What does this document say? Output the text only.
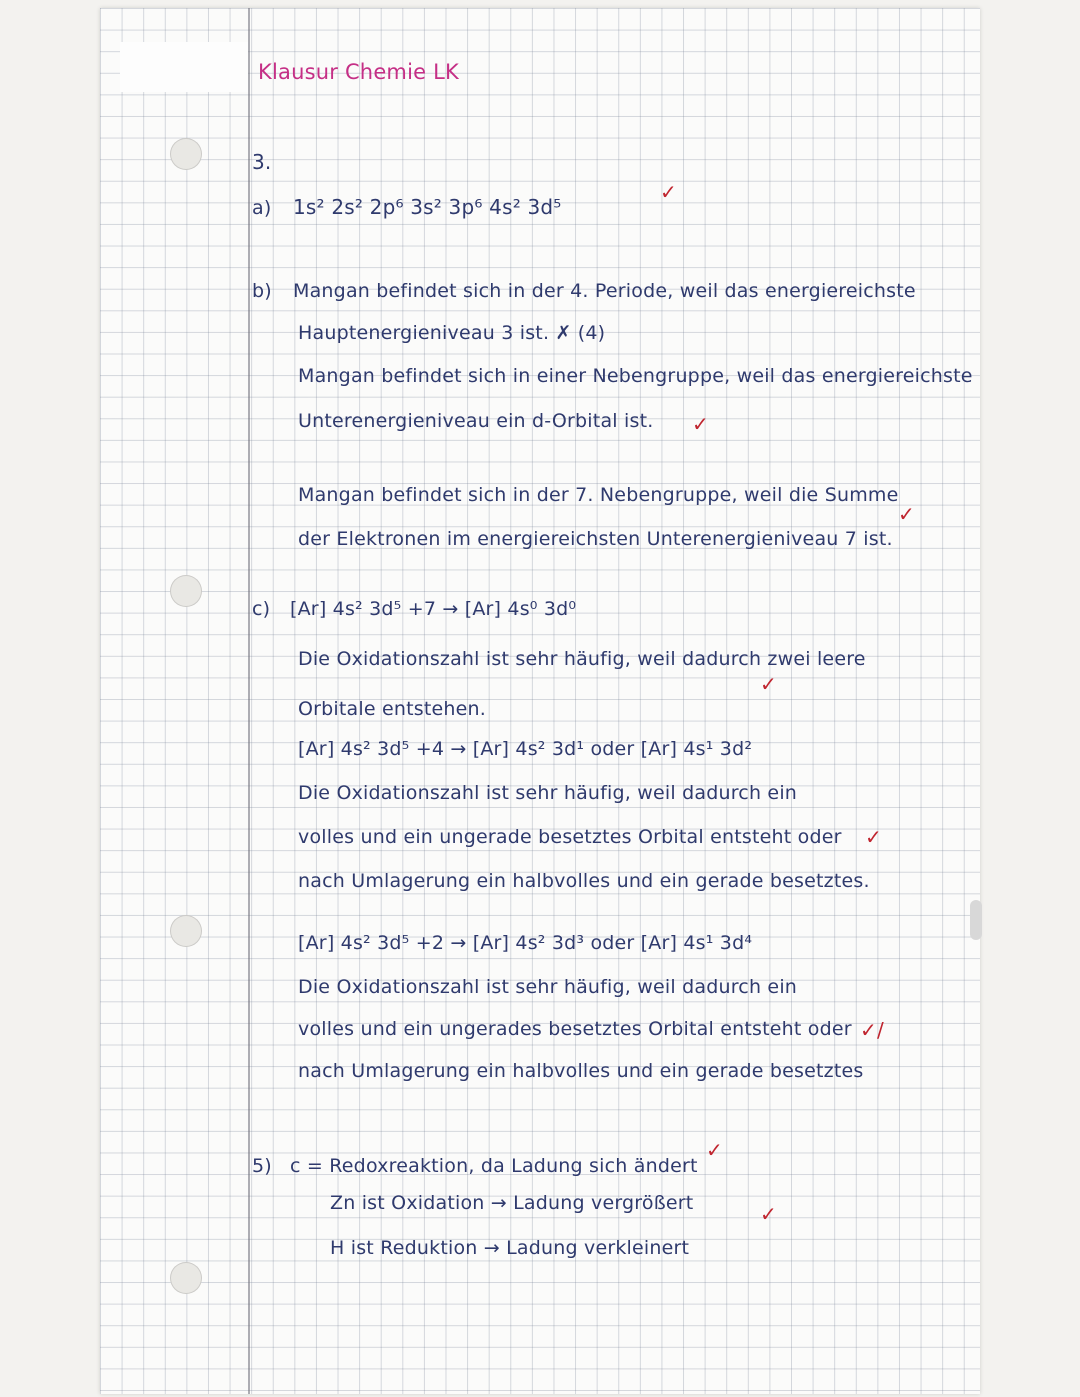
Klausur Chemie LK
3.
a) 1s² 2s² 2p⁶ 3s² 3p⁶ 4s² 3d⁵
✓
b) Mangan befindet sich in der 4. Periode, weil das energiereichste
Hauptenergieniveau 3 ist. ✗ (4)
Mangan befindet sich in einer Nebengruppe, weil das energiereichste
Unterenergieniveau ein d-Orbital ist. ✓
Mangan befindet sich in der 7. Nebengruppe, weil die Summe
der Elektronen im energiereichsten Unterenergieniveau 7 ist.
✓
c) [Ar] 4s² 3d⁵ +7 → [Ar] 4s⁰ 3d⁰
Die Oxidationszahl ist sehr häufig, weil dadurch zwei leere
✓
Orbitale entstehen.
[Ar] 4s² 3d⁵ +4 → [Ar] 4s² 3d¹ oder [Ar] 4s¹ 3d²
Die Oxidationszahl ist sehr häufig, weil dadurch ein
volles und ein ungerade besetztes Orbital entsteht oder ✓
nach Umlagerung ein halbvolles und ein gerade besetztes.
[Ar] 4s² 3d⁵ +2 → [Ar] 4s² 3d³ oder [Ar] 4s¹ 3d⁴
Die Oxidationszahl ist sehr häufig, weil dadurch ein
volles und ein ungerades besetztes Orbital entsteht oder ✓/
nach Umlagerung ein halbvolles und ein gerade besetztes
5) c = Redoxreaktion, da Ladung sich ändert
✓
Zn ist Oxidation → Ladung vergrößert	✓
H ist Reduktion → Ladung verkleinert
